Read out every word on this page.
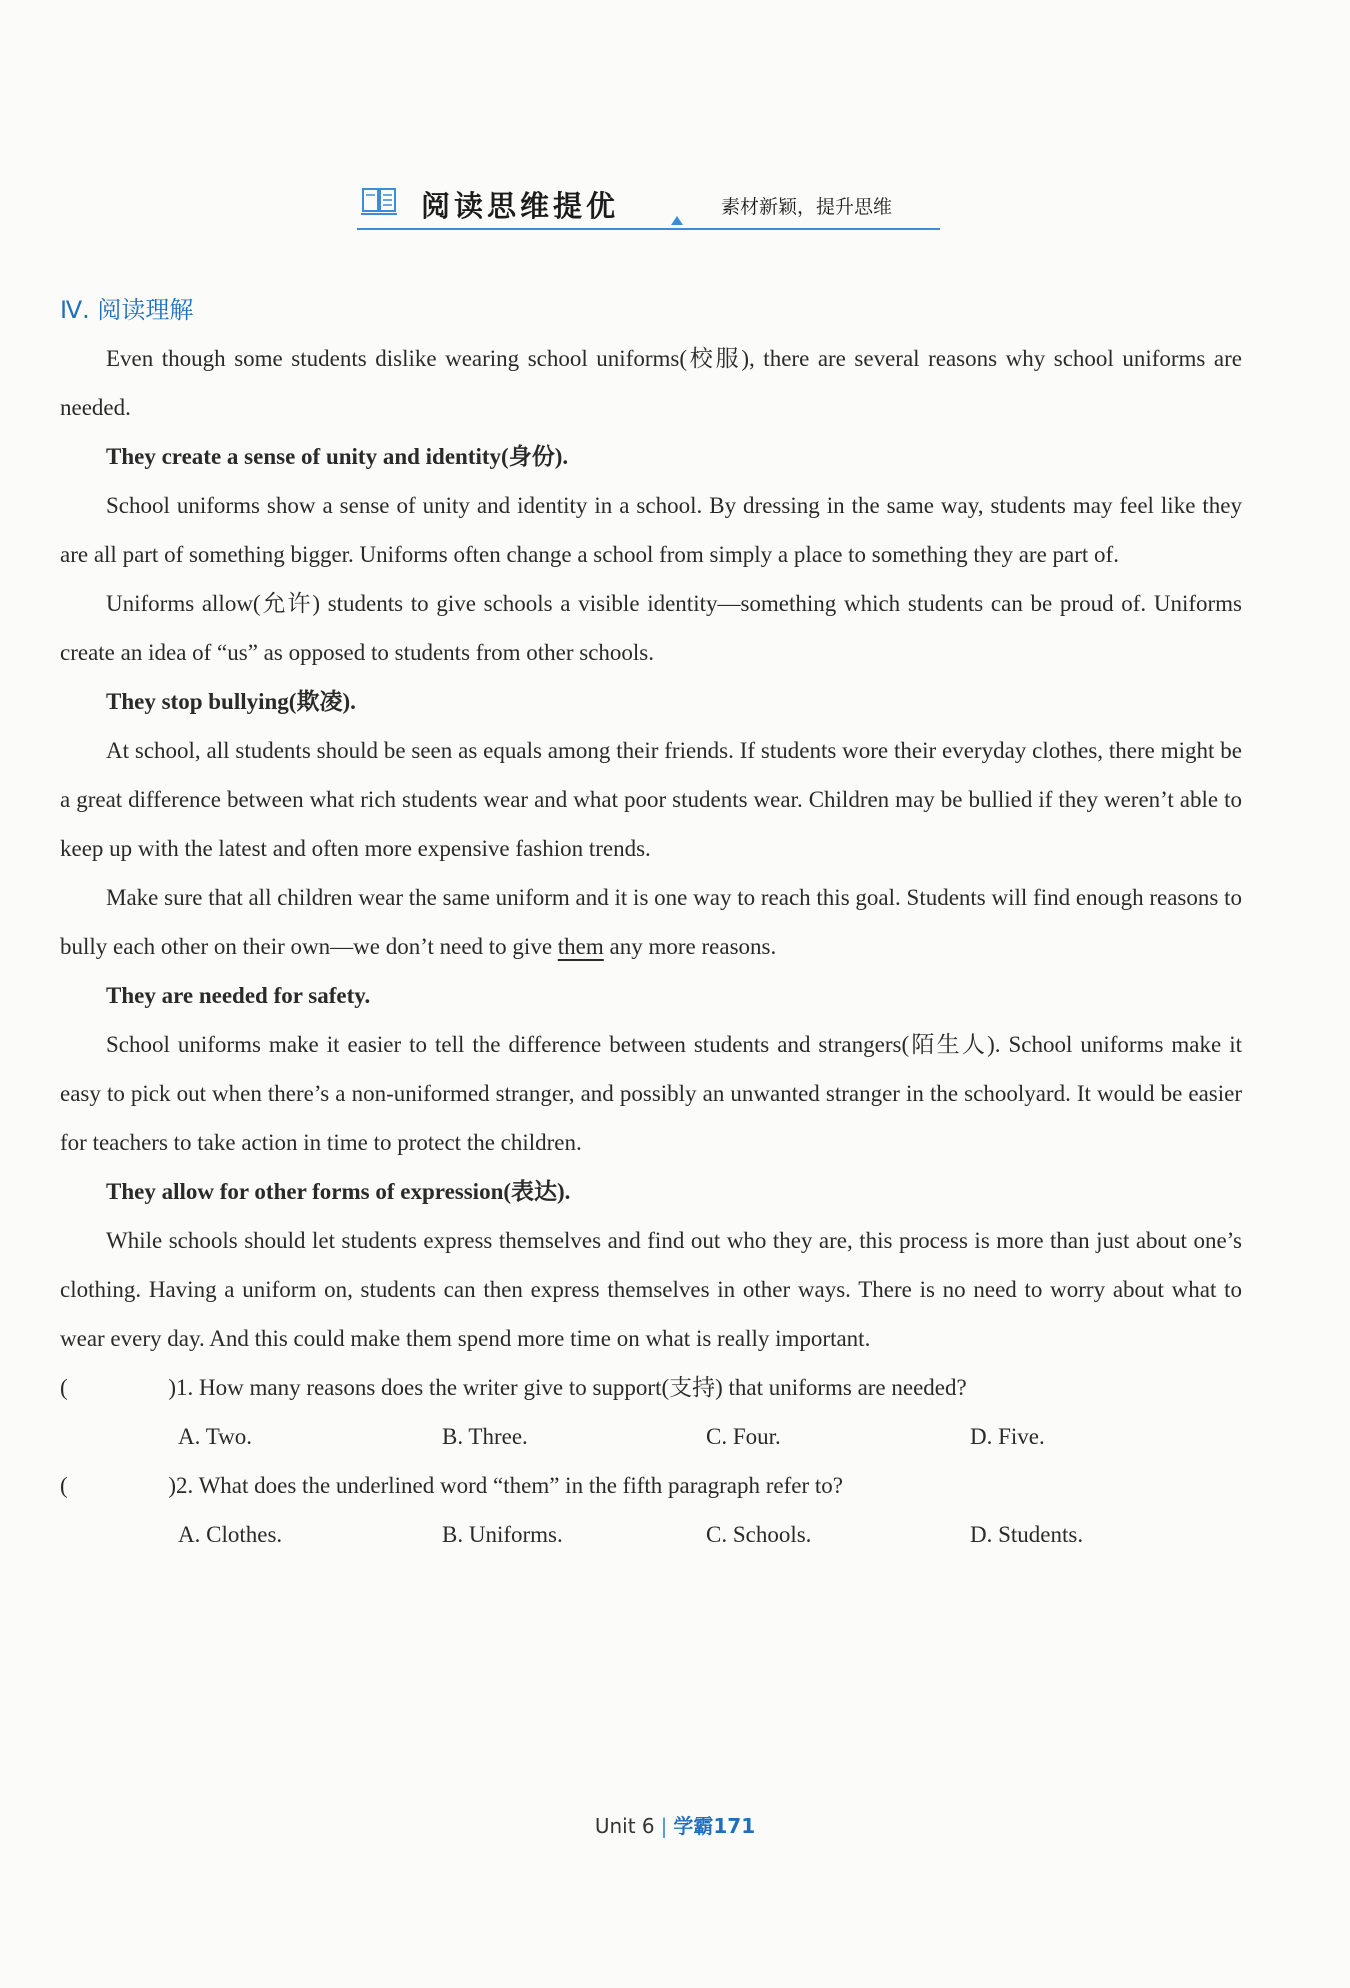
阅读思维提优	素材新颖，提升思维
Ⅳ. 阅读理解

Even though some students dislike wearing school uniforms(校服), there are several reasons why school uniforms are needed.

They create a sense of unity and identity(身份).

School uniforms show a sense of unity and identity in a school. By dressing in the same way, students may feel like they are all part of something bigger. Uniforms often change a school from simply a place to something they are part of.

Uniforms allow(允许) students to give schools a visible identity—something which students can be proud of. Uniforms create an idea of “us” as opposed to students from other schools.

They stop bullying(欺凌).

At school, all students should be seen as equals among their friends. If students wore their everyday clothes, there might be a great difference between what rich students wear and what poor students wear. Children may be bullied if they weren’t able to keep up with the latest and often more expensive fashion trends.

Make sure that all children wear the same uniform and it is one way to reach this goal. Students will find enough reasons to bully each other on their own—we don’t need to give them any more reasons.

They are needed for safety.

School uniforms make it easier to tell the difference between students and strangers(陌生人). School uniforms make it easy to pick out when there’s a non-uniformed stranger, and possibly an unwanted stranger in the schoolyard. It would be easier for teachers to take action in time to protect the children.

They allow for other forms of expression(表达).

While schools should let students express themselves and find out who they are, this process is more than just about one’s clothing. Having a uniform on, students can then express themselves in other ways. There is no need to worry about what to wear every day. And this could make them spend more time on what is really important.

(	) 1. How many reasons does the writer give to support(支持) that uniforms are needed?

A. Two.	B. Three.	C. Four.	D. Five.

(	) 2. What does the underlined word “them” in the fifth paragraph refer to?

A. Clothes.	B. Uniforms.	C. Schools.	D. Students.
Unit 6 | 学霸171
